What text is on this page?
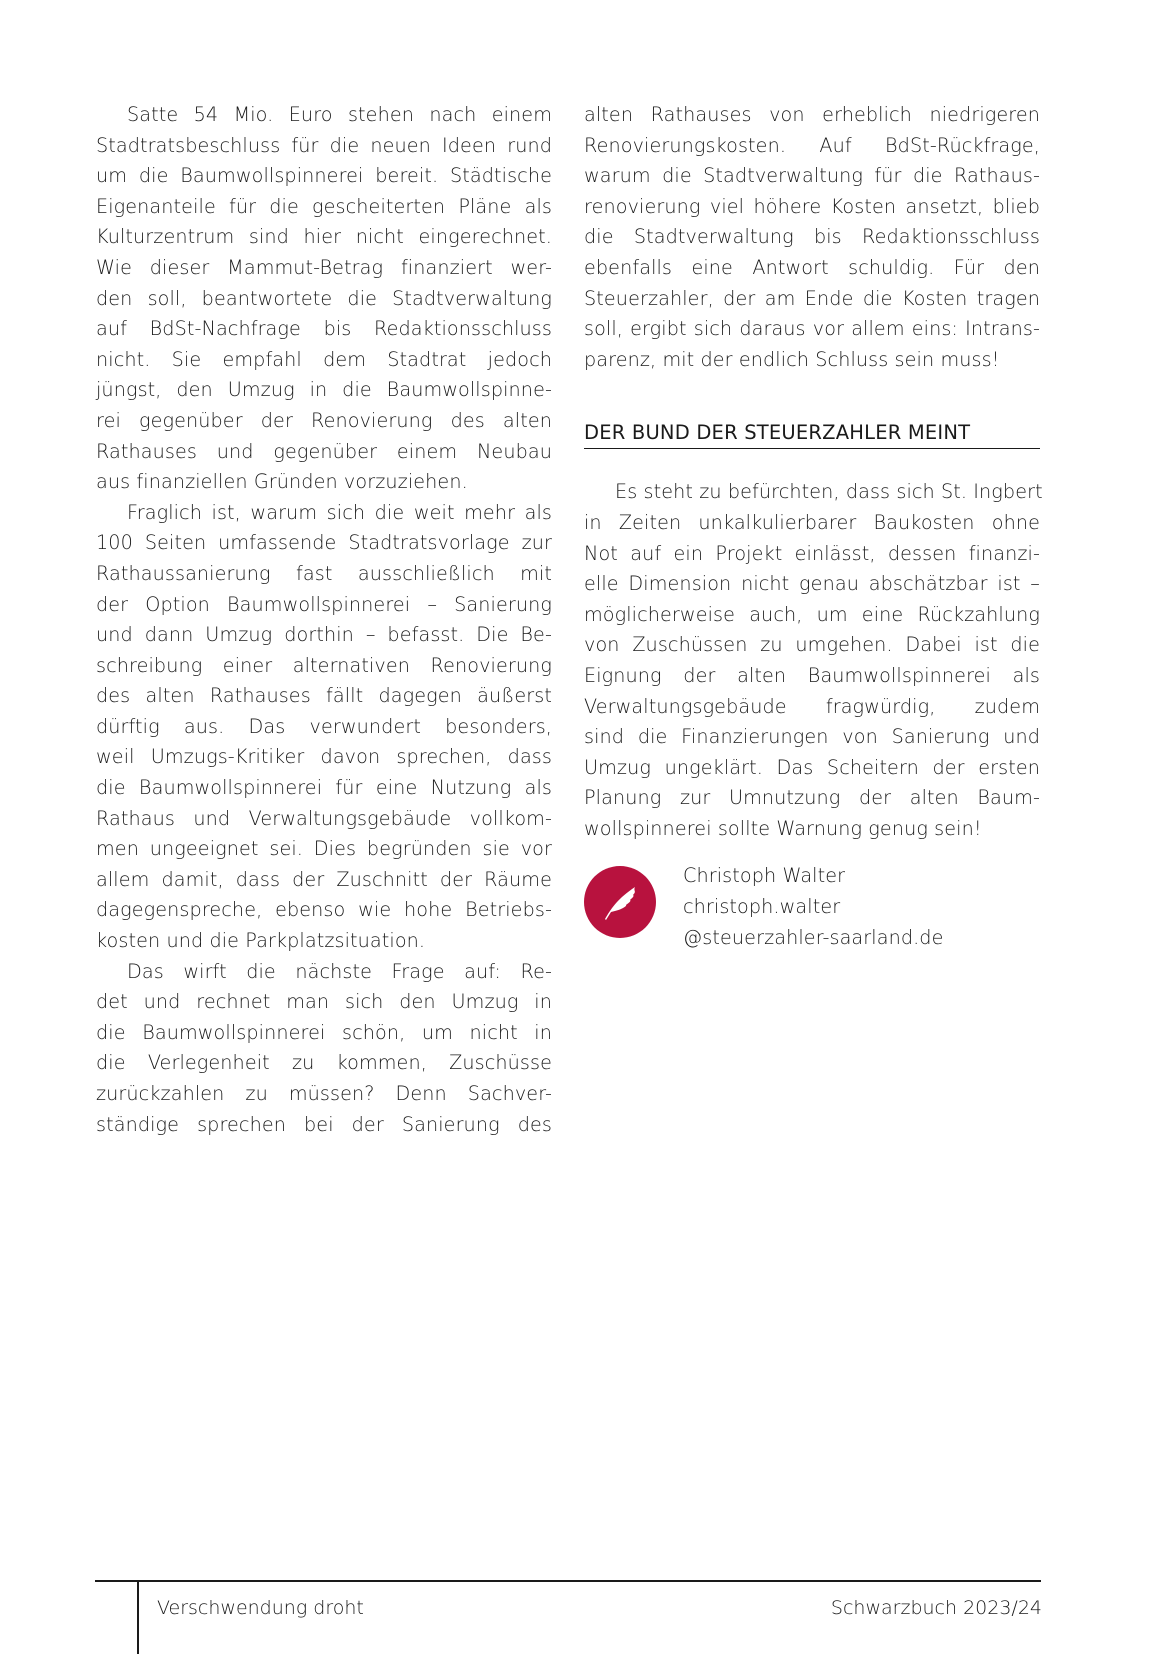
Satte 54 Mio. Euro stehen nach einem
Stadtratsbeschluss für die neuen Ideen rund
um die Baumwollspinnerei bereit. Städtische
Eigenanteile für die gescheiterten Pläne als
Kulturzentrum sind hier nicht eingerechnet.
Wie dieser Mammut-Betrag finanziert wer-
den soll, beantwortete die Stadtverwaltung
auf BdSt-Nachfrage bis Redaktionsschluss
nicht. Sie empfahl dem Stadtrat jedoch
jüngst, den Umzug in die Baumwollspinne-
rei gegenüber der Renovierung des alten
Rathauses und gegenüber einem Neubau
aus finanziellen Gründen vorzuziehen.
Fraglich ist, warum sich die weit mehr als
100 Seiten umfassende Stadtratsvorlage zur
Rathaussanierung fast ausschließlich mit
der Option Baumwollspinnerei – Sanierung
und dann Umzug dorthin – befasst. Die Be-
schreibung einer alternativen Renovierung
des alten Rathauses fällt dagegen äußerst
dürftig aus. Das verwundert besonders,
weil Umzugs-Kritiker davon sprechen, dass
die Baumwollspinnerei für eine Nutzung als
Rathaus und Verwaltungsgebäude vollkom-
men ungeeignet sei. Dies begründen sie vor
allem damit, dass der Zuschnitt der Räume
dagegenspreche, ebenso wie hohe Betriebs-
kosten und die Parkplatzsituation.
Das wirft die nächste Frage auf: Re-
det und rechnet man sich den Umzug in
die Baumwollspinnerei schön, um nicht in
die Verlegenheit zu kommen, Zuschüsse
zurückzahlen zu müssen? Denn Sachver-
ständige sprechen bei der Sanierung des
alten Rathauses von erheblich niedrigeren
Renovierungskosten. Auf BdSt-Rückfrage,
warum die Stadtverwaltung für die Rathaus-
renovierung viel höhere Kosten ansetzt, blieb
die Stadtverwaltung bis Redaktionsschluss
ebenfalls eine Antwort schuldig. Für den
Steuerzahler, der am Ende die Kosten tragen
soll, ergibt sich daraus vor allem eins: Intrans-
parenz, mit der endlich Schluss sein muss!
DER BUND DER STEUERZAHLER MEINT
Es steht zu befürchten, dass sich St. Ingbert
in Zeiten unkalkulierbarer Baukosten ohne
Not auf ein Projekt einlässt, dessen finanzi-
elle Dimension nicht genau abschätzbar ist –
möglicherweise auch, um eine Rückzahlung
von Zuschüssen zu umgehen. Dabei ist die
Eignung der alten Baumwollspinnerei als
Verwaltungsgebäude fragwürdig, zudem
sind die Finanzierungen von Sanierung und
Umzug ungeklärt. Das Scheitern der ersten
Planung zur Umnutzung der alten Baum-
wollspinnerei sollte Warnung genug sein!
Christoph Walter
christoph.walter
@steuerzahler-saarland.de
Verschwendung droht	Schwarzbuch 2023/24
